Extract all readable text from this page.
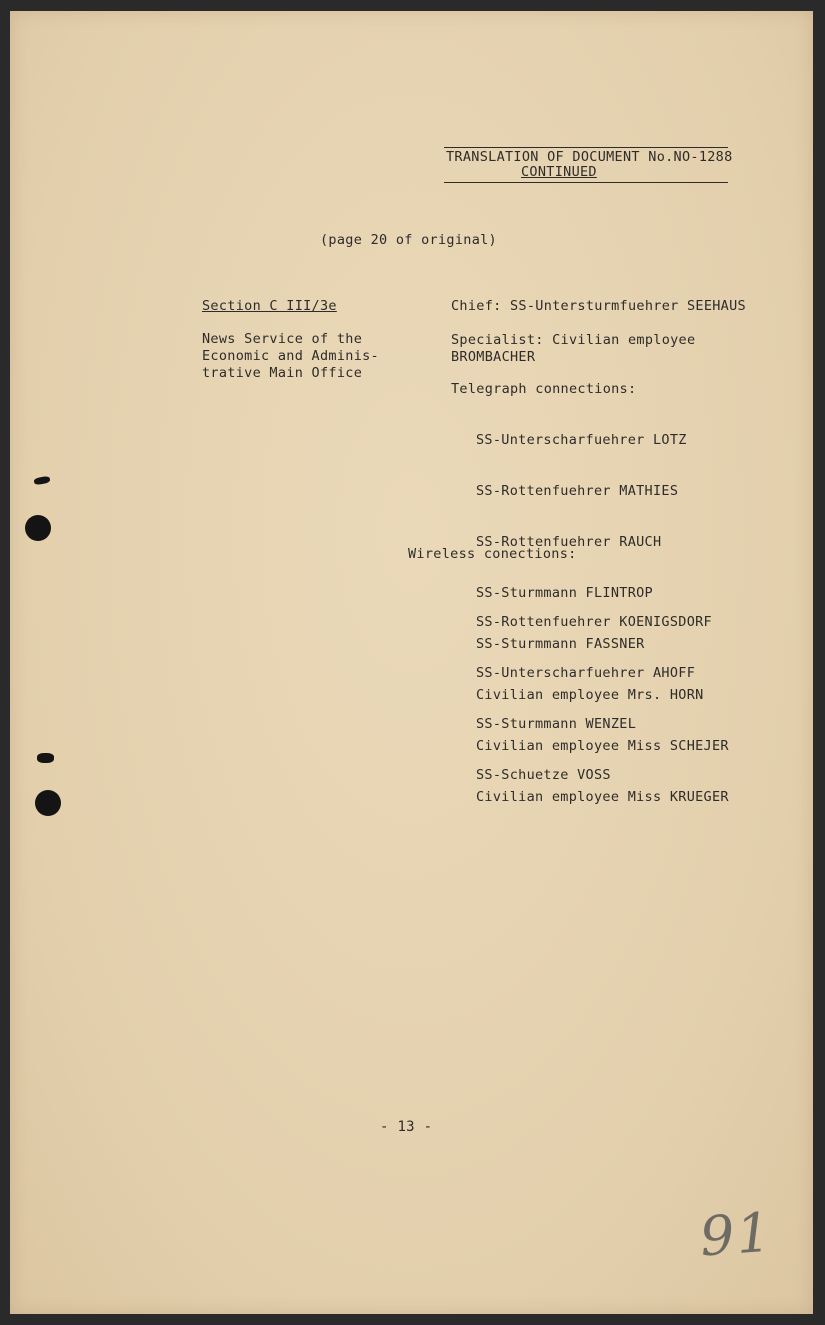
TRANSLATION OF DOCUMENT No.NO-1288
CONTINUED
(page 20 of original)
Section C III/3e
News Service of the
Economic and Adminis-
trative Main Office
Chief: SS-Untersturmfuehrer SEEHAUS
Specialist: Civilian employee
BROMBACHER
Telegraph connections:

SS-Unterscharfuehrer LOTZ

SS-Rottenfuehrer MATHIES

SS-Rottenfuehrer RAUCH

SS-Sturmmann FLINTROP

SS-Sturmmann FASSNER

Civilian employee Mrs. HORN

Civilian employee Miss SCHEJER

Civilian employee Miss KRUEGER

Wireless conections:

SS-Rottenfuehrer KOENIGSDORF

SS-Unterscharfuehrer AHOFF

SS-Sturmmann WENZEL

SS-Schuetze VOSS

- 13 -
91
